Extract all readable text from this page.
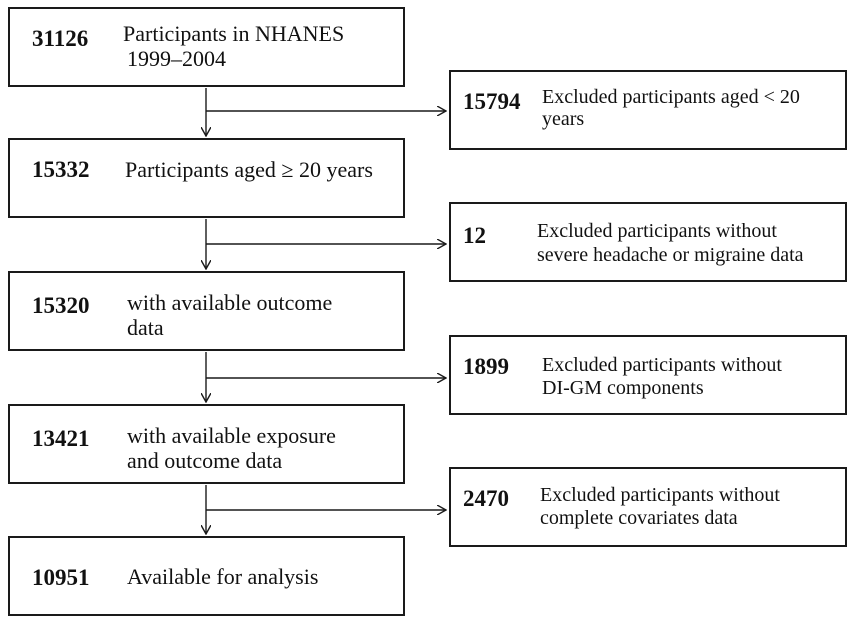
31126 Participants in NHANES
1999–2004
15332 Participants aged ≥ 20 years
15320 with available outcome
data
13421 with available exposure
and outcome data
10951 Available for analysis
15794 Excluded participants aged < 20
years
12	Excluded participants without
severe headache or migraine data
1899 Excluded participants without
DI-GM components
2470 Excluded participants without
complete covariates data
